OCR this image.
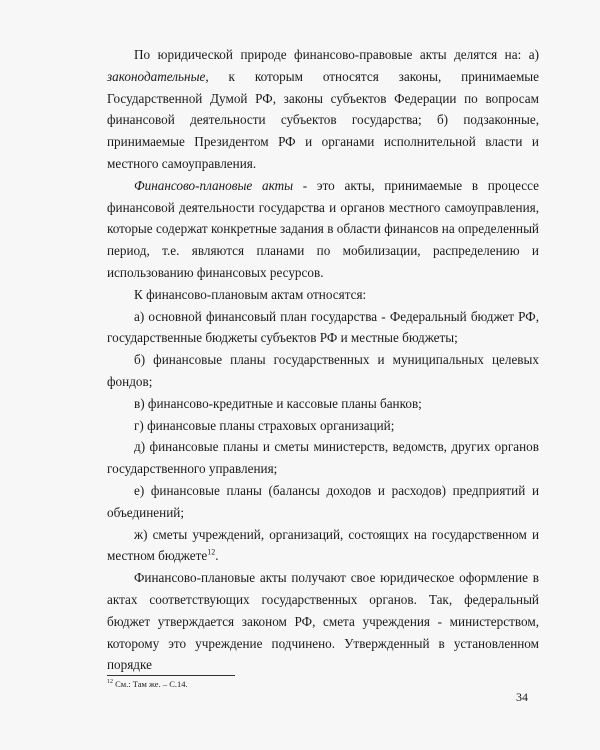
По юридической природе финансово-правовые акты делятся на: а) законодательные, к которым относятся законы, принимаемые Государственной Думой РФ, законы субъектов Федерации по вопросам финансовой деятельности субъектов государства; б) подзаконные, принимаемые Президентом РФ и органами исполнительной власти и местного самоуправления.

Финансово-плановые акты - это акты, принимаемые в процессе финансовой деятельности государства и органов местного самоуправления, которые содержат конкретные задания в области финансов на определенный период, т.е. являются планами по мобилизации, распределению и использованию финансовых ресурсов.

К финансово-плановым актам относятся:

а) основной финансовый план государства - Федеральный бюджет РФ, государственные бюджеты субъектов РФ и местные бюджеты;

б) финансовые планы государственных и муниципальных целевых фондов;

в) финансово-кредитные и кассовые планы банков;

г) финансовые планы страховых организаций;

д) финансовые планы и сметы министерств, ведомств, других органов государственного управления;

е) финансовые планы (балансы доходов и расходов) предприятий и объединений;

ж) сметы учреждений, организаций, состоящих на государственном и местном бюджете$^{12}$.

Финансово-плановые акты получают свое юридическое оформление в актах соответствующих государственных органов. Так, федеральный бюджет утверждается законом РФ, смета учреждения - министерством, которому это учреждение подчинено. Утвержденный в установленном порядке

$^{12}$ См.: Там же. – С.14.
34
